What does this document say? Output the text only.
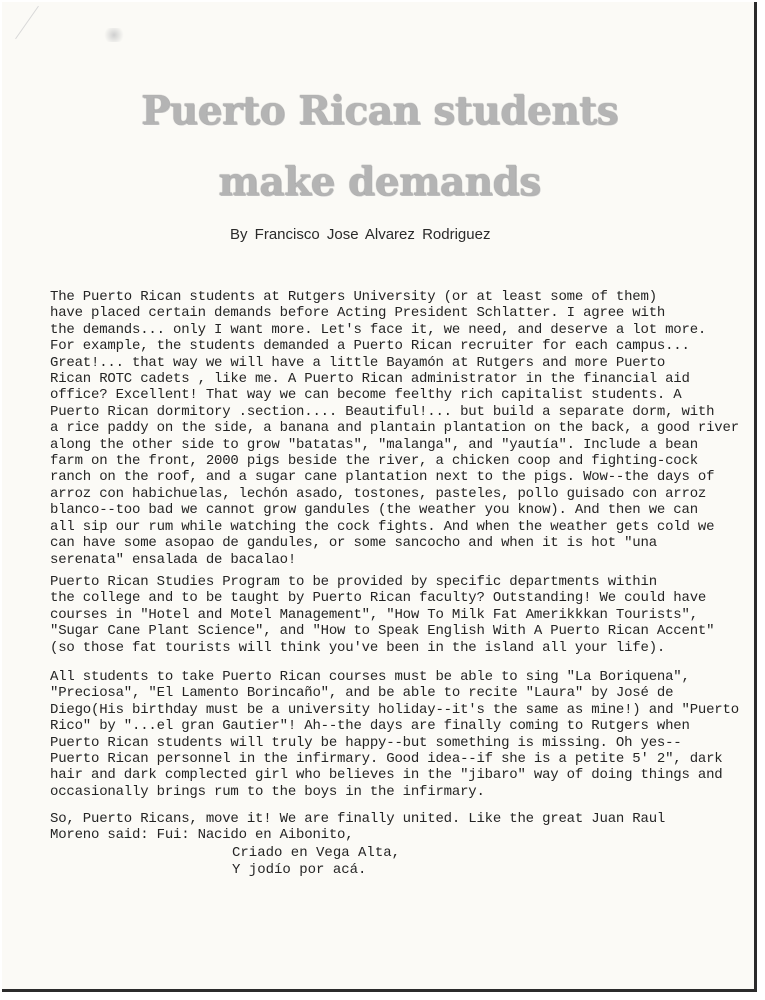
Puerto Rican students
make demands
By Francisco Jose Alvarez Rodriguez
The Puerto Rican students at Rutgers University (or at least some of them)
have placed certain demands before Acting President Schlatter. I agree with
the demands... only I want more. Let's face it, we need, and deserve a lot more.
For example, the students demanded a Puerto Rican recruiter for each campus...
Great!... that way we will have a little Bayamón at Rutgers and more Puerto
Rican ROTC cadets , like me. A Puerto Rican administrator in the financial aid
office? Excellent! That way we can become feelthy rich capitalist students. A
Puerto Rican dormitory .section.... Beautiful!... but build a separate dorm, with
a rice paddy on the side, a banana and plantain plantation on the back, a good river
along the other side to grow "batatas", "malanga", and "yautía". Include a bean
farm on the front, 2000 pigs beside the river, a chicken coop and fighting-cock
ranch on the roof, and a sugar cane plantation next to the pigs. Wow--the days of
arroz con habichuelas, lechón asado, tostones, pasteles, pollo guisado con arroz
blanco--too bad we cannot grow gandules (the weather you know). And then we can
all sip our rum while watching the cock fights. And when the weather gets cold we
can have some asopao de gandules, or some sancocho and when it is hot "una
serenata" ensalada de bacalao!
Puerto Rican Studies Program to be provided by specific departments within
the college and to be taught by Puerto Rican faculty? Outstanding! We could have
courses in "Hotel and Motel Management", "How To Milk Fat Amerikkkan Tourists",
"Sugar Cane Plant Science", and "How to Speak English With A Puerto Rican Accent"
(so those fat tourists will think you've been in the island all your life).
All students to take Puerto Rican courses must be able to sing "La Boriquena",
"Preciosa", "El Lamento Borincaño", and be able to recite "Laura" by José de
Diego(His birthday must be a university holiday--it's the same as mine!) and "Puerto
Rico" by "...el gran Gautier"! Ah--the days are finally coming to Rutgers when
Puerto Rican students will truly be happy--but something is missing. Oh yes--
Puerto Rican personnel in the infirmary. Good idea--if she is a petite 5' 2", dark
hair and dark complected girl who believes in the "jibaro" way of doing things and
occasionally brings rum to the boys in the infirmary.
So, Puerto Ricans, move it! We are finally united. Like the great Juan Raul
Moreno said: Fui: Nacido en Aibonito,
Criado en Vega Alta,
Y jodío por acá.
